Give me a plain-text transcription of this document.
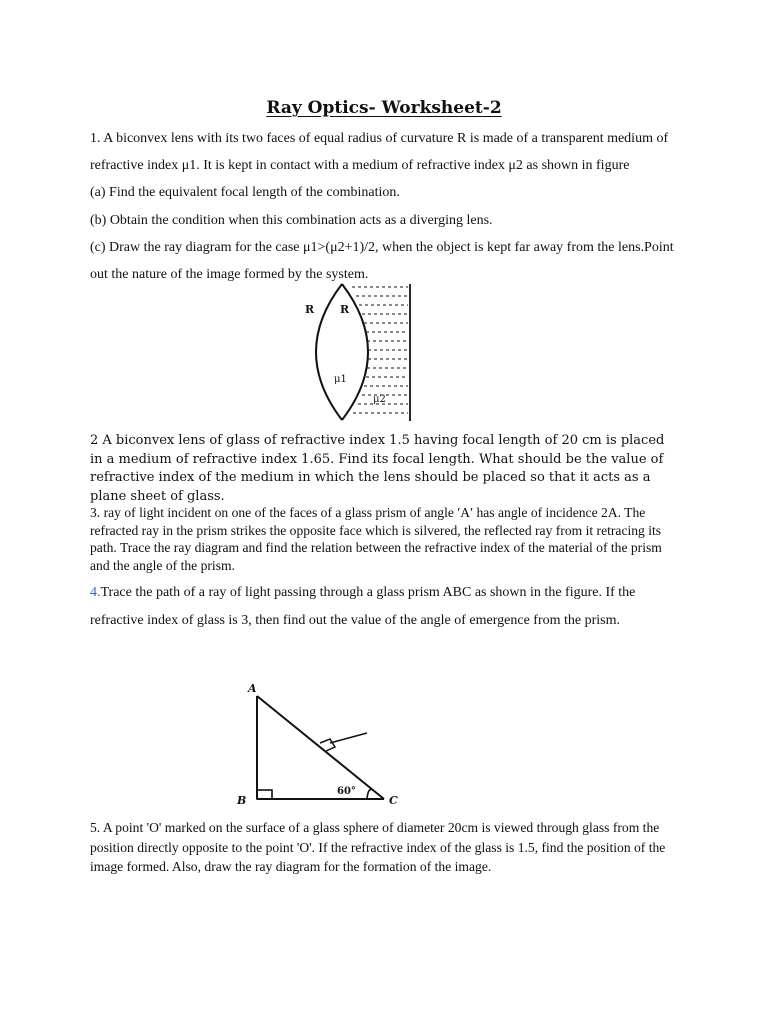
Ray Optics- Worksheet-2
1. A biconvex lens with its two faces of equal radius of curvature R is made of a transparent medium of
refractive index μ1. It is kept in contact with a medium of refractive index μ2 as shown in figure
(a) Find the equivalent focal length of the combination.
(b) Obtain the condition when this combination acts as a diverging lens.
(c) Draw the ray diagram for the case μ1>(μ2+1)/2, when the object is kept far away from the lens.Point
out the nature of the image formed by the system.
R R
μ1
μ2
2 A biconvex lens of glass of refractive index 1.5 having focal length of 20 cm is placed in a medium of refractive index 1.65. Find its focal length. What should be the value of refractive index of the medium in which the lens should be placed so that it acts as a plane sheet of glass.
3. ray of light incident on one of the faces of a glass prism of angle ′A′ has angle of incidence 2A. The refracted ray in the prism strikes the opposite face which is silvered, the reflected ray from it retracing its path. Trace the ray diagram and find the relation between the refractive index of the material of the prism and the angle of the prism.
4.Trace the path of a ray of light passing through a glass prism ABC as shown in the figure. If the
refractive index of glass is 3, then find out the value of the angle of emergence from the prism.
A
B	C
60°
5. A point 'O' marked on the surface of a glass sphere of diameter 20cm is viewed through glass from the position directly opposite to the point 'O'. If the refractive index of the glass is 1.5, find the position of the image formed. Also, draw the ray diagram for the formation of the image.
